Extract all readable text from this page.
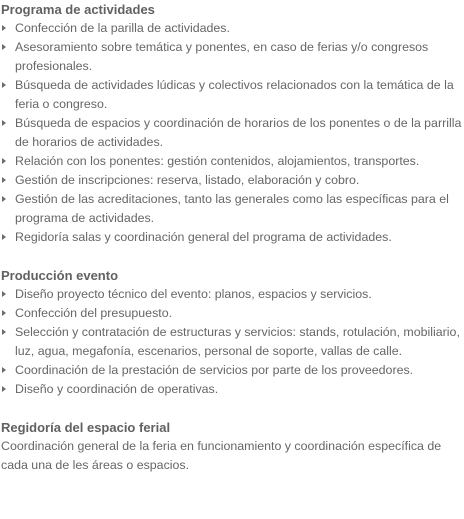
Programa de actividades
Confección de la parilla de actividades.
Asesoramiento sobre temática y ponentes, en caso de ferias y/o congresos profesionales.
Búsqueda de actividades lúdicas y colectivos relacionados con la temática de la feria o congreso.
Búsqueda de espacios y coordinación de horarios de los ponentes o de la parrilla de horarios de actividades.
Relación con los ponentes: gestión contenidos, alojamientos, transportes.
Gestión de inscripciones: reserva, listado, elaboración y cobro.
Gestión de las acreditaciones, tanto las generales como las específicas para el programa de actividades.
Regidoría salas y coordinación general del programa de actividades.
Producción evento
Diseño proyecto técnico del evento: planos, espacios y servicios.
Confección del presupuesto.
Selección y contratación de estructuras y servicios: stands, rotulación, mobiliario, luz, agua, megafonía, escenarios, personal de soporte, vallas de calle.
Coordinación de la prestación de servicios por parte de los proveedores.
Diseño y coordinación de operativas.
Regidoría del espacio ferial

Coordinación general de la feria en funcionamiento y coordinación específica de cada una de les áreas o espacios.
